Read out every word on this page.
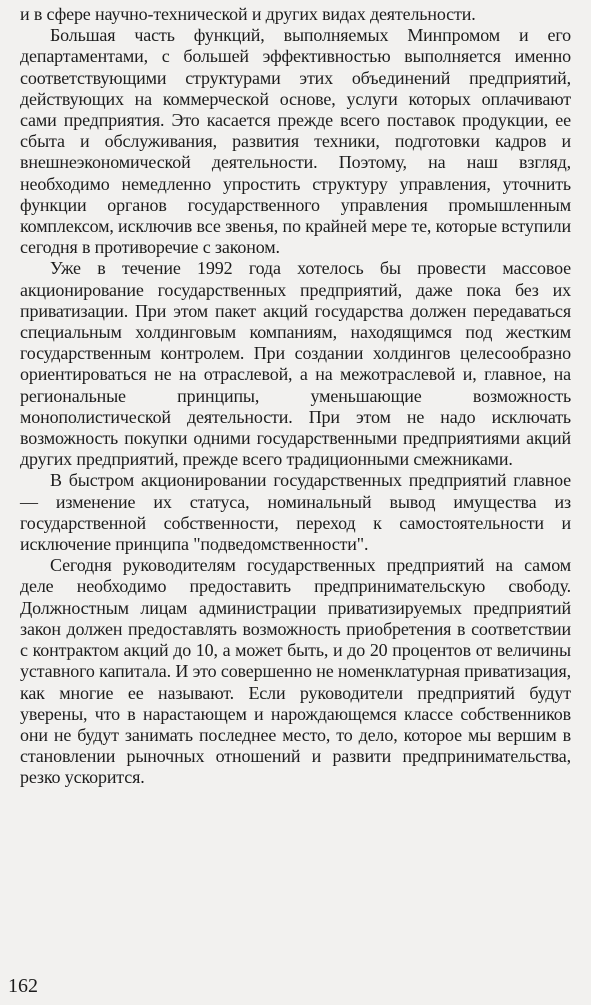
и в сфере научно-технической и других видах деятельности.

Большая часть функций, выполняемых Минпромом и его департаментами, с большей эффективностью выполняется именно соответствующими структурами этих объединений предприятий, действующих на коммерческой основе, услуги которых оплачивают сами предприятия. Это касается прежде всего поставок продукции, ее сбыта и обслуживания, развития техники, подготовки кадров и внешнеэкономической деятельности. Поэтому, на наш взгляд, необходимо немедленно упростить структуру управления, уточнить функции органов государственного управления промышленным комплексом, исключив все звенья, по крайней мере те, которые вступили сегодня в противоречие с законом.

Уже в течение 1992 года хотелось бы провести массовое акционирование государственных предприятий, даже пока без их приватизации. При этом пакет акций государства должен передаваться специальным холдинговым компаниям, находящимся под жестким государственным контролем. При создании холдингов целесообразно ориентироваться не на отраслевой, а на межотраслевой и, главное, на региональные принципы, уменьшающие возможность монополистической деятельности. При этом не надо исключать возможность покупки одними государственными предприятиями акций других предприятий, прежде всего традиционными смежниками.

В быстром акционировании государственных предприятий главное — изменение их статуса, номинальный вывод имущества из государственной собственности, переход к самостоятельности и исключение принципа "подведомственности".

Сегодня руководителям государственных предприятий на самом деле необходимо предоставить предпринимательскую свободу. Должностным лицам администрации приватизируемых предприятий закон должен предоставлять возможность приобретения в соответствии с контрактом акций до 10, а может быть, и до 20 процентов от величины уставного капитала. И это совершенно не номенклатурная приватизация, как многие ее называют. Если руководители предприятий будут уверены, что в нарастающем и нарождающемся классе собственников они не будут занимать последнее место, то дело, которое мы вершим в становлении рыночных отношений и развити предпринимательства, резко ускорится.

162
